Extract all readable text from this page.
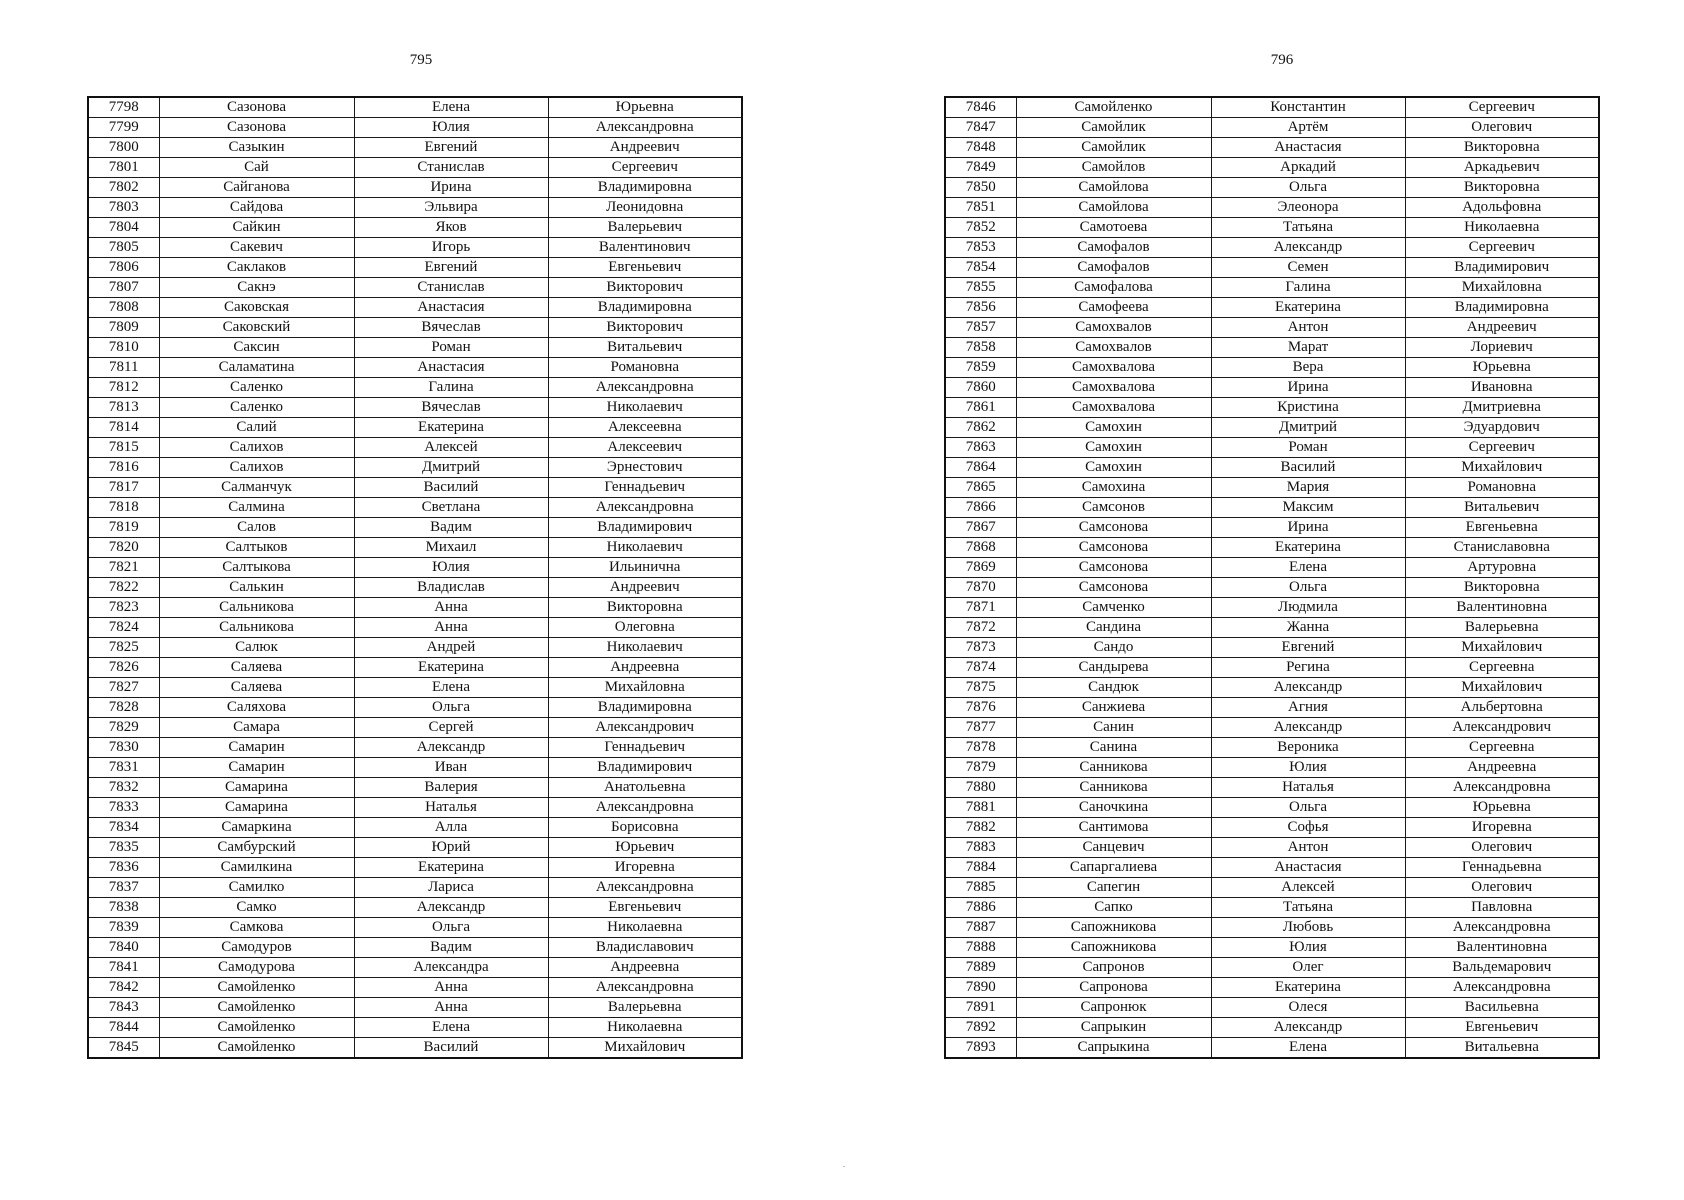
795	796
7798	Сазонова	Елена	Юрьевна
7799	Сазонова	Юлия	Александровна
7800	Сазыкин	Евгений	Андреевич
7801	Сай	Станислав	Сергеевич
7802	Сайганова	Ирина	Владимировна
7803	Сайдова	Эльвира	Леонидовна
7804	Сайкин	Яков	Валерьевич
7805	Сакевич	Игорь	Валентинович
7806	Саклаков	Евгений	Евгеньевич
7807	Сакнэ	Станислав	Викторович
7808	Саковская	Анастасия	Владимировна
7809	Саковский	Вячеслав	Викторович
7810	Саксин	Роман	Витальевич
7811	Саламатина	Анастасия	Романовна
7812	Саленко	Галина	Александровна
7813	Саленко	Вячеслав	Николаевич
7814	Салий	Екатерина	Алексеевна
7815	Салихов	Алексей	Алексеевич
7816	Салихов	Дмитрий	Эрнестович
7817	Салманчук	Василий	Геннадьевич
7818	Салмина	Светлана	Александровна
7819	Салов	Вадим	Владимирович
7820	Салтыков	Михаил	Николаевич
7821	Салтыкова	Юлия	Ильинична
7822	Салькин	Владислав	Андреевич
7823	Сальникова	Анна	Викторовна
7824	Сальникова	Анна	Олеговна
7825	Салюк	Андрей	Николаевич
7826	Саляева	Екатерина	Андреевна
7827	Саляева	Елена	Михайловна
7828	Саляхова	Ольга	Владимировна
7829	Самара	Сергей	Александрович
7830	Самарин	Александр	Геннадьевич
7831	Самарин	Иван	Владимирович
7832	Самарина	Валерия	Анатольевна
7833	Самарина	Наталья	Александровна
7834	Самаркина	Алла	Борисовна
7835	Самбурский	Юрий	Юрьевич
7836	Самилкина	Екатерина	Игоревна
7837	Самилко	Лариса	Александровна
7838	Самко	Александр	Евгеньевич
7839	Самкова	Ольга	Николаевна
7840	Самодуров	Вадим	Владиславович
7841	Самодурова	Александра	Андреевна
7842	Самойленко	Анна	Александровна
7843	Самойленко	Анна	Валерьевна
7844	Самойленко	Елена	Николаевна
7845	Самойленко	Василий	Михайлович
7846	Самойленко	Константин	Сергеевич
7847	Самойлик	Артём	Олегович
7848	Самойлик	Анастасия	Викторовна
7849	Самойлов	Аркадий	Аркадьевич
7850	Самойлова	Ольга	Викторовна
7851	Самойлова	Элеонора	Адольфовна
7852	Самотоева	Татьяна	Николаевна
7853	Самофалов	Александр	Сергеевич
7854	Самофалов	Семен	Владимирович
7855	Самофалова	Галина	Михайловна
7856	Самофеева	Екатерина	Владимировна
7857	Самохвалов	Антон	Андреевич
7858	Самохвалов	Марат	Лориевич
7859	Самохвалова	Вера	Юрьевна
7860	Самохвалова	Ирина	Ивановна
7861	Самохвалова	Кристина	Дмитриевна
7862	Самохин	Дмитрий	Эдуардович
7863	Самохин	Роман	Сергеевич
7864	Самохин	Василий	Михайлович
7865	Самохина	Мария	Романовна
7866	Самсонов	Максим	Витальевич
7867	Самсонова	Ирина	Евгеньевна
7868	Самсонова	Екатерина	Станиславовна
7869	Самсонова	Елена	Артуровна
7870	Самсонова	Ольга	Викторовна
7871	Самченко	Людмила	Валентиновна
7872	Сандина	Жанна	Валерьевна
7873	Сандо	Евгений	Михайлович
7874	Сандырева	Регина	Сергеевна
7875	Сандюк	Александр	Михайлович
7876	Санжиева	Агния	Альбертовна
7877	Санин	Александр	Александрович
7878	Санина	Вероника	Сергеевна
7879	Санникова	Юлия	Андреевна
7880	Санникова	Наталья	Александровна
7881	Саночкина	Ольга	Юрьевна
7882	Сантимова	Софья	Игоревна
7883	Санцевич	Антон	Олегович
7884	Сапаргалиева	Анастасия	Геннадьевна
7885	Сапегин	Алексей	Олегович
7886	Сапко	Татьяна	Павловна
7887	Сапожникова	Любовь	Александровна
7888	Сапожникова	Юлия	Валентиновна
7889	Сапронов	Олег	Вальдемарович
7890	Сапронова	Екатерина	Александровна
7891	Сапронюк	Олеся	Васильевна
7892	Сапрыкин	Александр	Евгеньевич
7893	Сапрыкина	Елена	Витальевна
